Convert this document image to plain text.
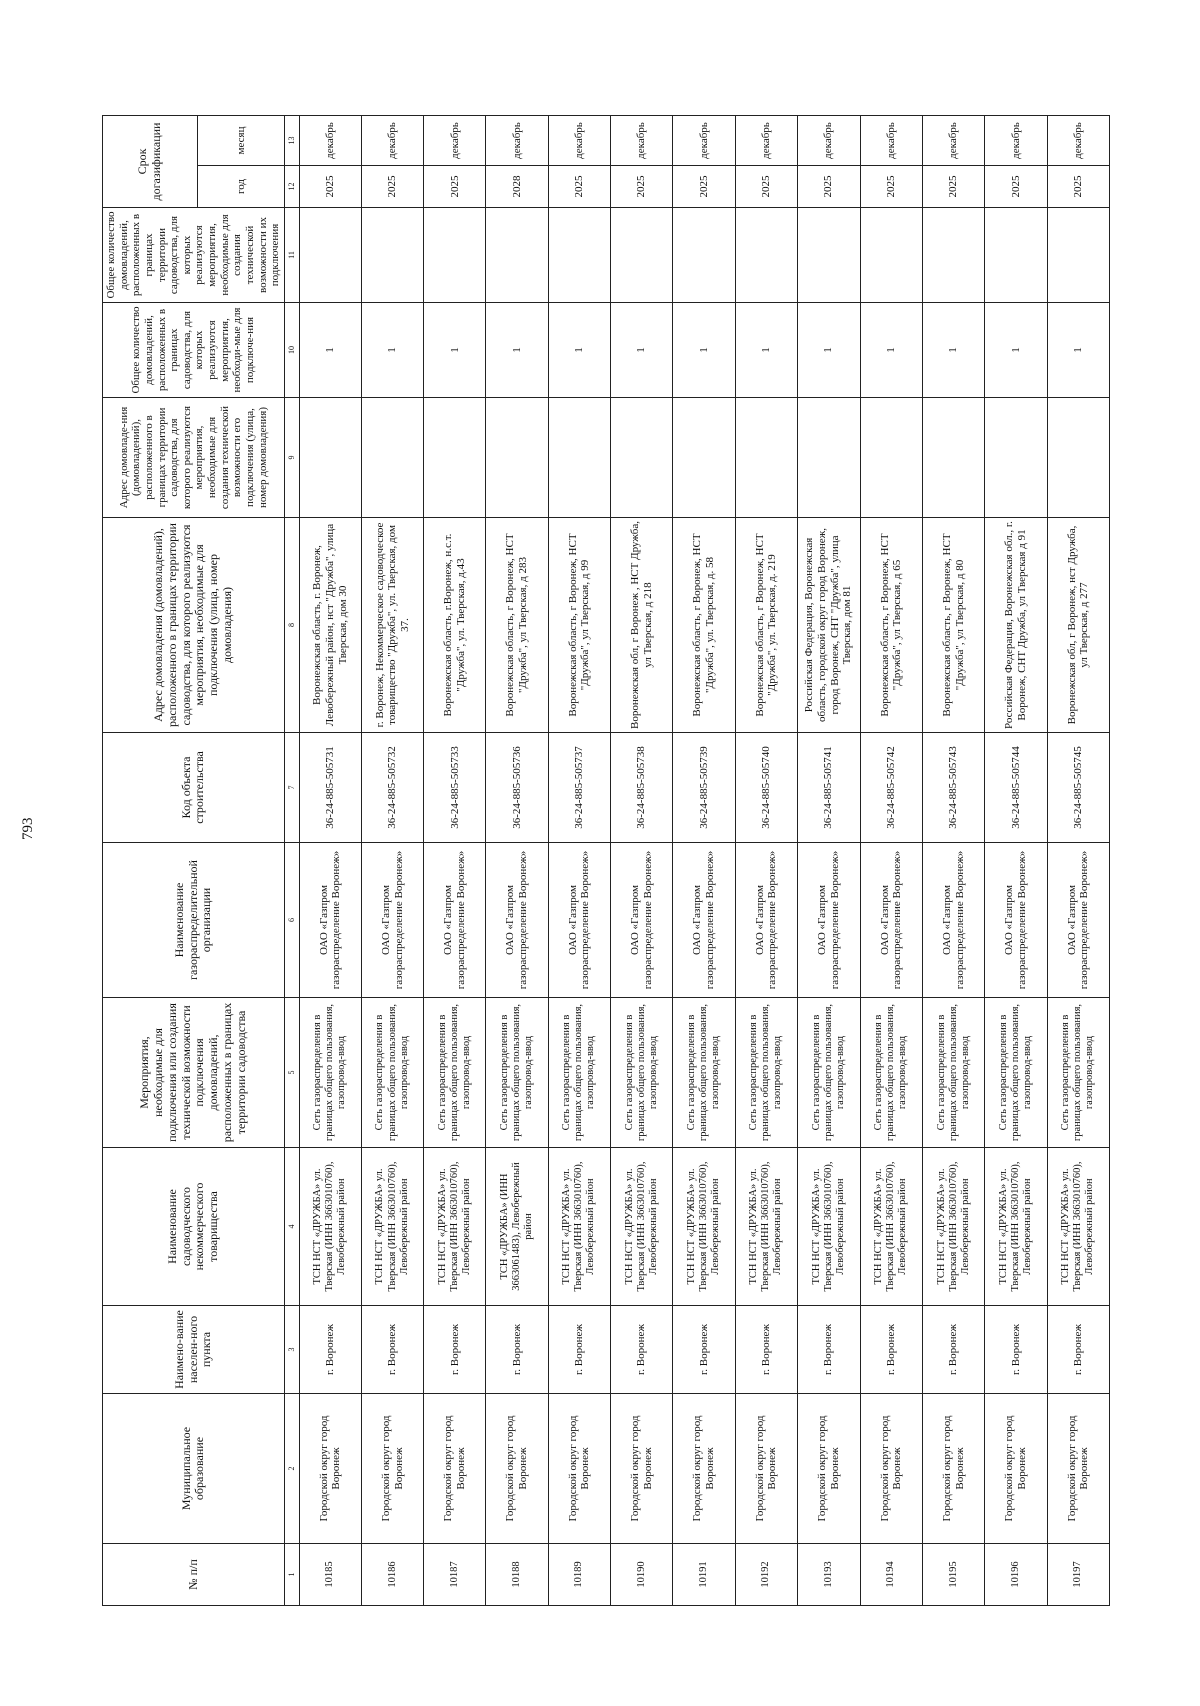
793
№ п/п	Муниципальное образование	Наимено-вание населен-ного пункта	Наименование садоводческого некоммерческого товарищества	Мероприятия, необходимые для подключения или создания технической возможности подключения домовладений, расположенных в границах территории садоводства	Наименование газораспределительной организации	Код объекта строительства	Адрес домовладения (домовладений), расположенного в границах территории садоводства, для которого реализуются мероприятия, необходимые для подключения (улица, номер домовладения)	Адрес домовладе-ния (домовладений), расположенного в границах территории садоводства, для которого реализуются мероприятия, необходимые для создания технической возможности его подключения (улица, номер домовладения)	Общее количество домовладений, расположенных в границах садоводства, для которых реализуются мероприятия, необходи-мые для подключе-ния	Общее количество домовладений, расположенных в границах территории садоводства, для которых реализуются мероприятия, необходимые для создания технической возможности их подключения	Срок догазификации	
											год	месяц
1	2	3	4	5	6	7	8	9	10	11	12	13
10185	Городской округ город Воронеж	г. Воронеж	ТСН НСТ «ДРУЖБА» ул. Тверская (ИНН 3663010760), Левобережный район	Сеть газораспределения в границах общего пользования, газопровод-ввод	ОАО «Газпром газораспределение Воронеж»	36-24-885-505731	Воронежская область, г. Воронеж, Левобережный район, нст "Дружба", улица Тверская, дом 30		1		2025	декабрь
10186	Городской округ город Воронеж	г. Воронеж	ТСН НСТ «ДРУЖБА» ул. Тверская (ИНН 3663010760), Левобережный район	Сеть газораспределения в границах общего пользования, газопровод-ввод	ОАО «Газпром газораспределение Воронеж»	36-24-885-505732	г. Воронеж, Некоммерческое садоводческое товарищество "Дружба", ул. Тверская, дом 37.		1		2025	декабрь
10187	Городской округ город Воронеж	г. Воронеж	ТСН НСТ «ДРУЖБА» ул. Тверская (ИНН 3663010760), Левобережный район	Сеть газораспределения в границах общего пользования, газопровод-ввод	ОАО «Газпром газораспределение Воронеж»	36-24-885-505733	Воронежская область, г.Воронеж, н.с.т. "Дружба", ул. Тверская, д.43		1		2025	декабрь
10188	Городской округ город Воронеж	г. Воронеж	ТСН «ДРУЖБА» (ИНН 3663061483), Левобережный район	Сеть газораспределения в границах общего пользования, газопровод-ввод	ОАО «Газпром газораспределение Воронеж»	36-24-885-505736	Воронежская область, г Воронеж, НСТ "Дружба", ул Тверская, д 283		1		2028	декабрь
10189	Городской округ город Воронеж	г. Воронеж	ТСН НСТ «ДРУЖБА» ул. Тверская (ИНН 3663010760), Левобережный район	Сеть газораспределения в границах общего пользования, газопровод-ввод	ОАО «Газпром газораспределение Воронеж»	36-24-885-505737	Воронежская область, г Воронеж, НСТ "Дружба", ул Тверская, д 99		1		2025	декабрь
10190	Городской округ город Воронеж	г. Воронеж	ТСН НСТ «ДРУЖБА» ул. Тверская (ИНН 3663010760), Левобережный район	Сеть газораспределения в границах общего пользования, газопровод-ввод	ОАО «Газпром газораспределение Воронеж»	36-24-885-505738	Воронежская обл, г Воронеж , НСТ Дружба, ул Тверская, д 218		1		2025	декабрь
10191	Городской округ город Воронеж	г. Воронеж	ТСН НСТ «ДРУЖБА» ул. Тверская (ИНН 3663010760), Левобережный район	Сеть газораспределения в границах общего пользования, газопровод-ввод	ОАО «Газпром газораспределение Воронеж»	36-24-885-505739	Воронежская область, г Воронеж, НСТ "Дружба", ул. Тверская, д. 58		1		2025	декабрь
10192	Городской округ город Воронеж	г. Воронеж	ТСН НСТ «ДРУЖБА» ул. Тверская (ИНН 3663010760), Левобережный район	Сеть газораспределения в границах общего пользования, газопровод-ввод	ОАО «Газпром газораспределение Воронеж»	36-24-885-505740	Воронежская область, г Воронеж, НСТ "Дружба", ул. Тверская, д. 219		1		2025	декабрь
10193	Городской округ город Воронеж	г. Воронеж	ТСН НСТ «ДРУЖБА» ул. Тверская (ИНН 3663010760), Левобережный район	Сеть газораспределения в границах общего пользования, газопровод-ввод	ОАО «Газпром газораспределение Воронеж»	36-24-885-505741	Российская Федерация, Воронежская область, городской округ город Воронеж, город Воронеж, СНТ "Дружба", улица Тверская, дом 81		1		2025	декабрь
10194	Городской округ город Воронеж	г. Воронеж	ТСН НСТ «ДРУЖБА» ул. Тверская (ИНН 3663010760), Левобережный район	Сеть газораспределения в границах общего пользования, газопровод-ввод	ОАО «Газпром газораспределение Воронеж»	36-24-885-505742	Воронежская область, г Воронеж, НСТ "Дружба", ул Тверская, д 65		1		2025	декабрь
10195	Городской округ город Воронеж	г. Воронеж	ТСН НСТ «ДРУЖБА» ул. Тверская (ИНН 3663010760), Левобережный район	Сеть газораспределения в границах общего пользования, газопровод-ввод	ОАО «Газпром газораспределение Воронеж»	36-24-885-505743	Воронежская область, г Воронеж, НСТ "Дружба", ул Тверская, д 80		1		2025	декабрь
10196	Городской округ город Воронеж	г. Воронеж	ТСН НСТ «ДРУЖБА» ул. Тверская (ИНН 3663010760), Левобережный район	Сеть газораспределения в границах общего пользования, газопровод-ввод	ОАО «Газпром газораспределение Воронеж»	36-24-885-505744	Российская Федерация, Воронежская обл., г. Воронеж, СНТ Дружба, ул Тверская д 91		1		2025	декабрь
10197	Городской округ город Воронеж	г. Воронеж	ТСН НСТ «ДРУЖБА» ул. Тверская (ИНН 3663010760), Левобережный район	Сеть газораспределения в границах общего пользования, газопровод-ввод	ОАО «Газпром газораспределение Воронеж»	36-24-885-505745	Воронежская обл, г Воронеж, нст Дружба, ул Тверская, д 277		1		2025	декабрь
